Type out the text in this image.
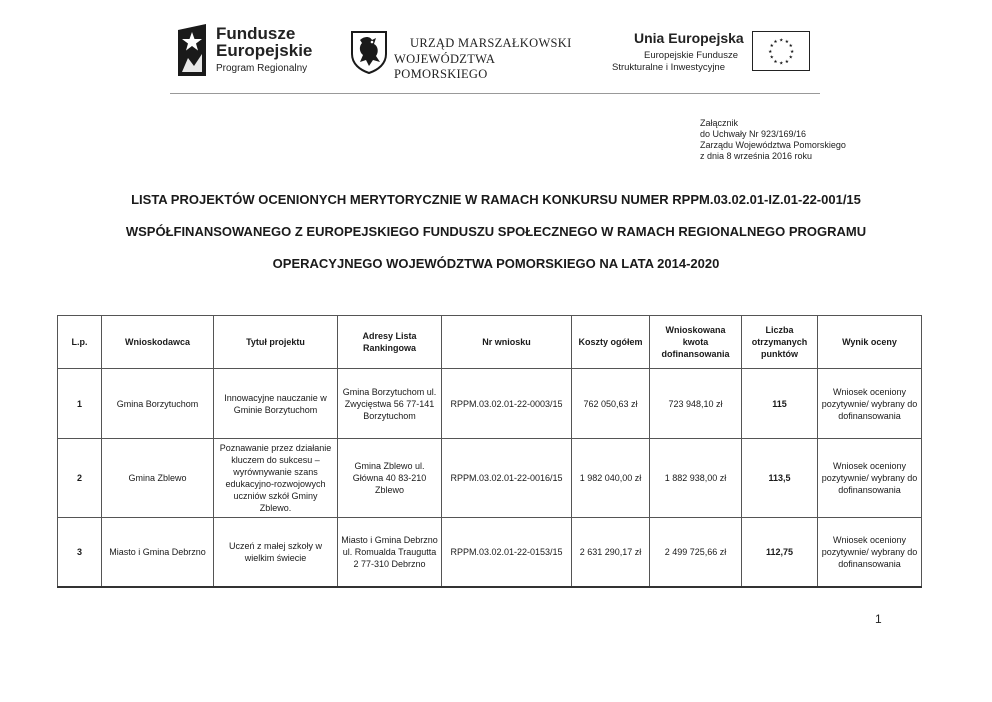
Fundusze
Europejskie
Program Regionalny
URZĄD MARSZAŁKOWSKI
WOJEWÓDZTWA POMORSKIEGO
Unia Europejska
Europejskie Fundusze
Strukturalne i Inwestycyjne
★ ★
★
★
★
★
★
★
★
★
★
★
Załącznik
do Uchwały Nr 923/169/16
Zarządu Województwa Pomorskiego
z dnia 8 września 2016 roku
LISTA PROJEKTÓW OCENIONYCH MERYTORYCZNIE W RAMACH KONKURSU NUMER RPPM.03.02.01-IZ.01-22-001/15
WSPÓŁFINANSOWANEGO Z EUROPEJSKIEGO FUNDUSZU SPOŁECZNEGO W RAMACH REGIONALNEGO PROGRAMU
OPERACYJNEGO WOJEWÓDZTWA POMORSKIEGO NA LATA 2014-2020
L.p.	Wnioskodawca	Tytuł projektu	Adresy Lista Rankingowa	Nr wniosku	Koszty ogółem	Wnioskowana kwota dofinansowania	Liczba otrzymanych punktów	Wynik oceny
1	Gmina Borzytuchom	Innowacyjne nauczanie w Gminie Borzytuchom	Gmina Borzytuchom ul. Zwycięstwa 56 77-141 Borzytuchom	RPPM.03.02.01-22-0003/15	762 050,63 zł	723 948,10 zł	115	Wniosek oceniony pozytywnie/ wybrany do dofinansowania
2	Gmina Zblewo	Poznawanie przez działanie kluczem do sukcesu – wyrównywanie szans edukacyjno-rozwojowych uczniów szkół Gminy Zblewo.	Gmina Zblewo ul. Główna 40 83-210 Zblewo	RPPM.03.02.01-22-0016/15	1 982 040,00 zł	1 882 938,00 zł	113,5	Wniosek oceniony pozytywnie/ wybrany do dofinansowania
3	Miasto i Gmina Debrzno	Uczeń z małej szkoły w wielkim świecie	Miasto i Gmina Debrzno ul. Romualda Traugutta 2 77-310 Debrzno	RPPM.03.02.01-22-0153/15	2 631 290,17 zł	2 499 725,66 zł	112,75	Wniosek oceniony pozytywnie/ wybrany do dofinansowania
1
